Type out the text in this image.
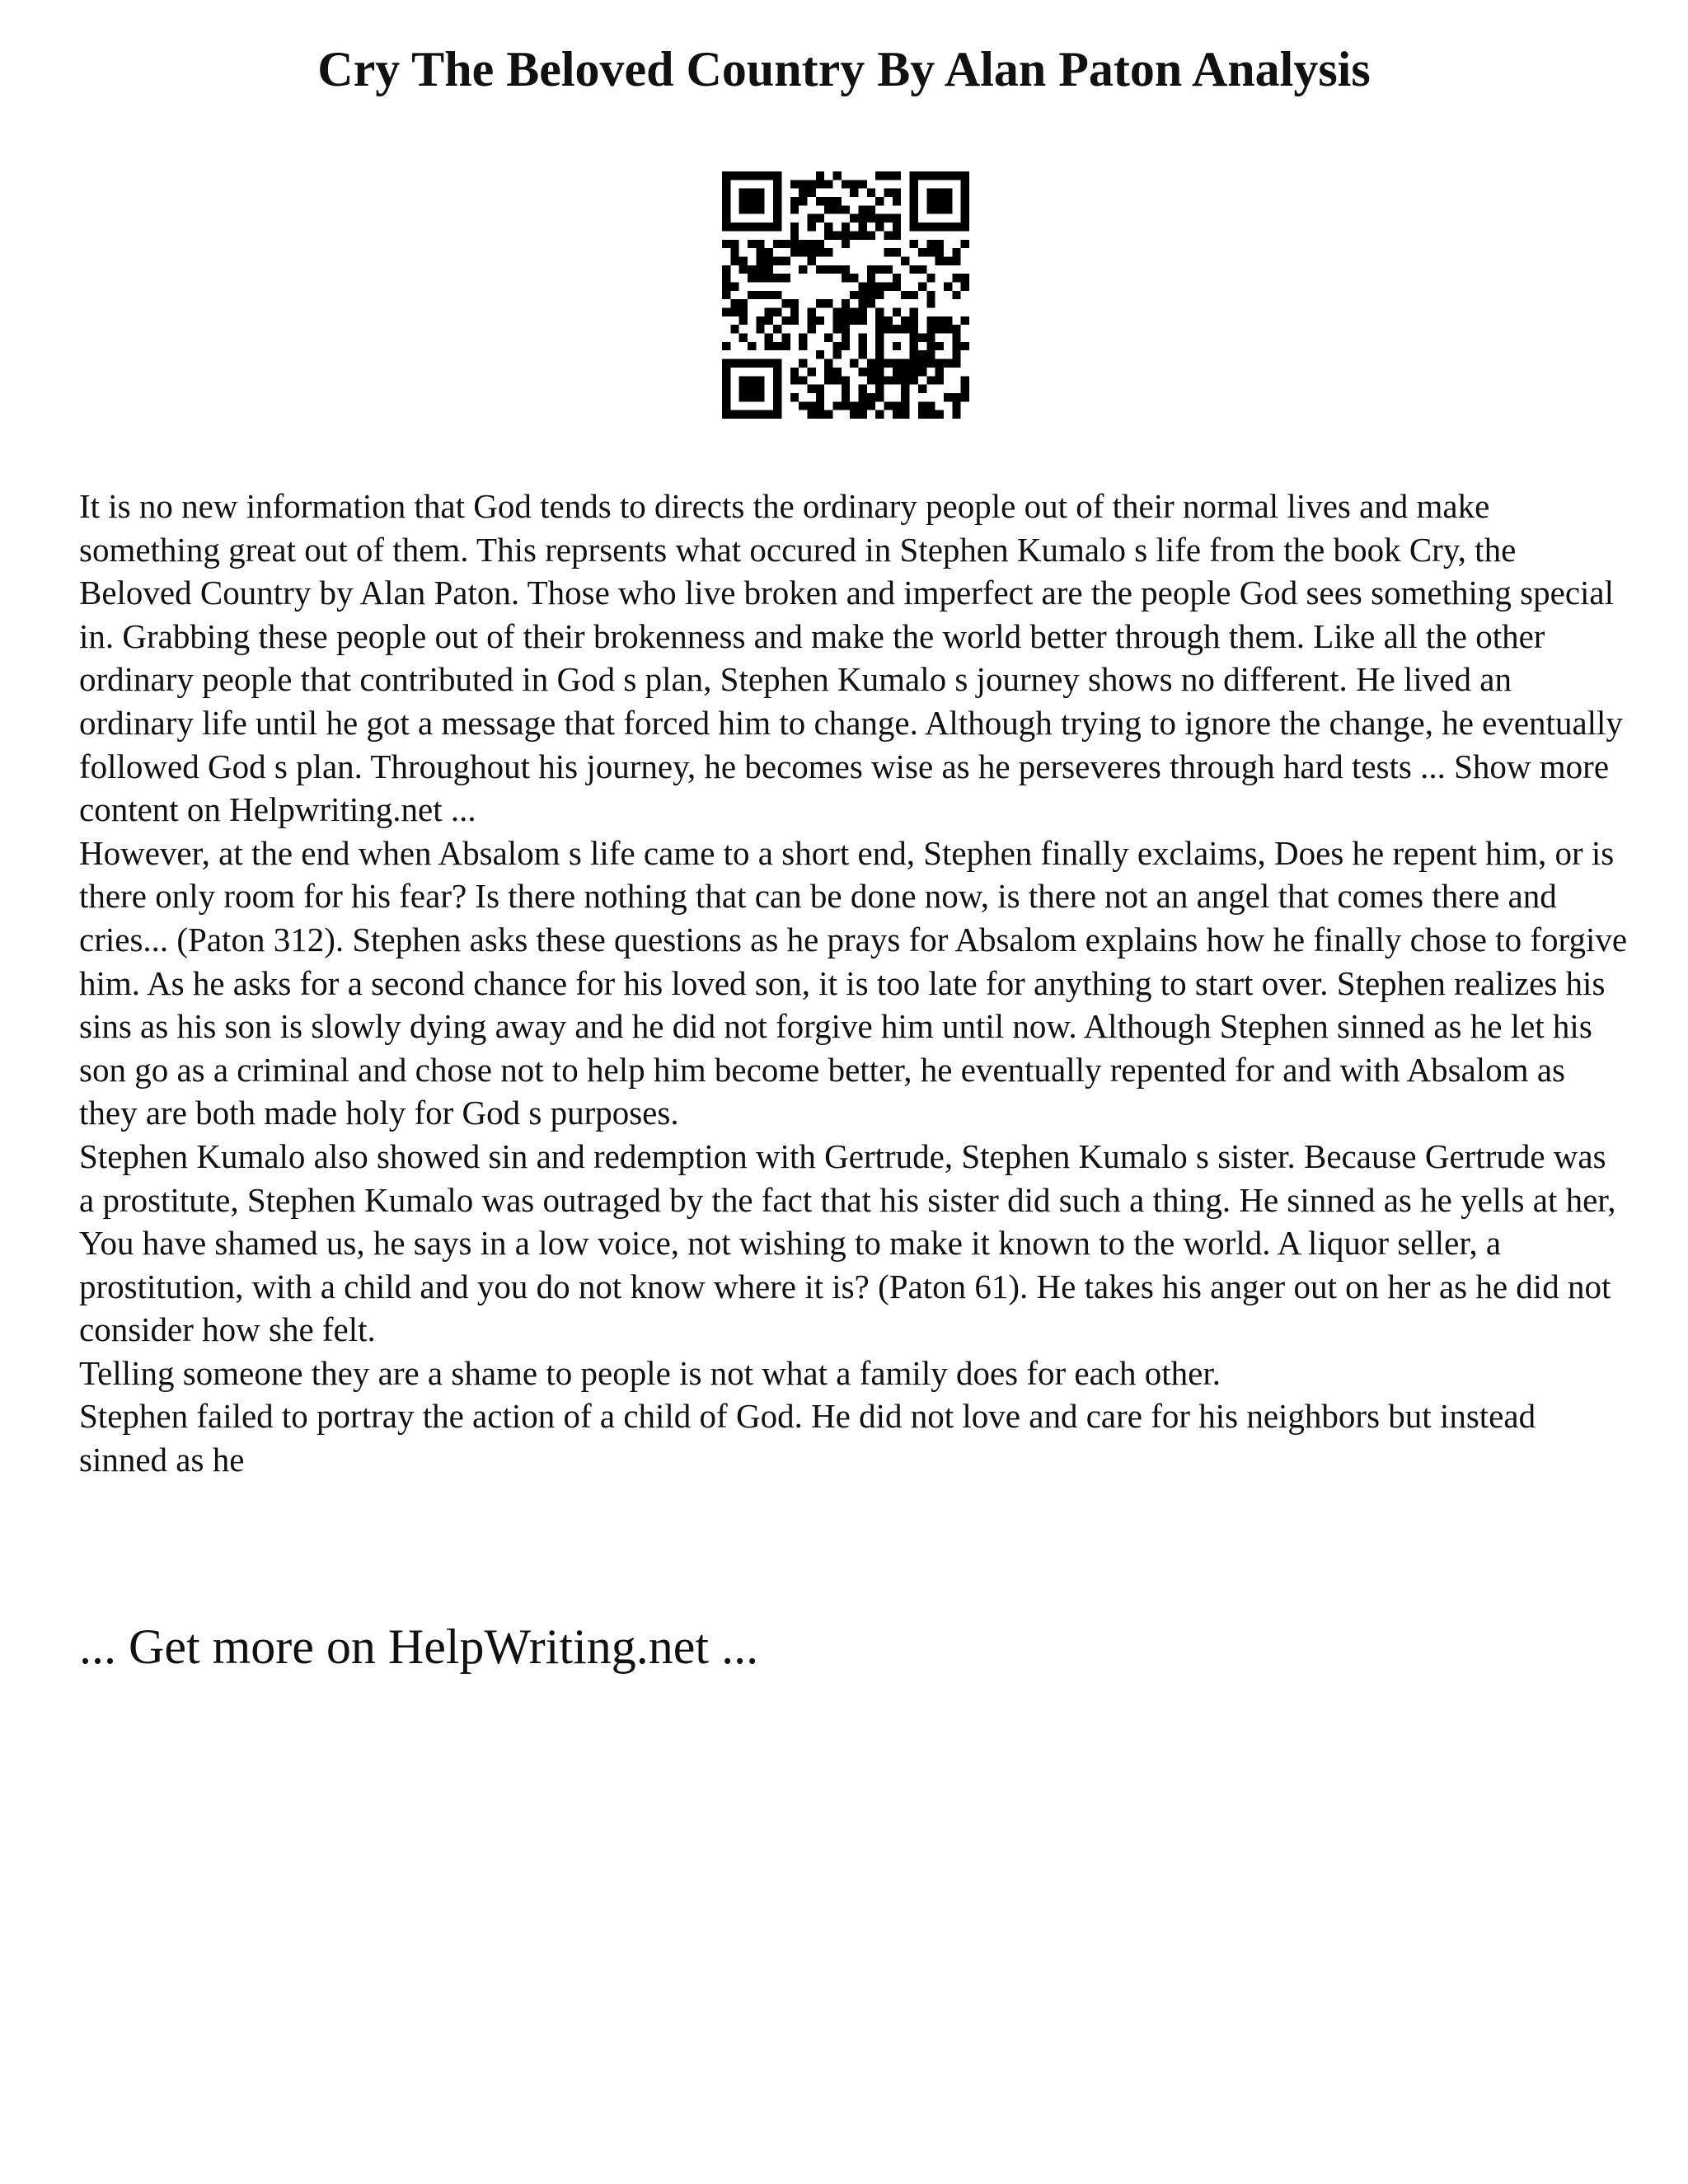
Cry The Beloved Country By Alan Paton Analysis

It is no new information that God tends to directs the ordinary people out of their normal lives and make something great out of them. This reprsents what occured in Stephen Kumalo s life from the book Cry, the Beloved Country by Alan Paton. Those who live broken and imperfect are the people God sees something special in. Grabbing these people out of their brokenness and make the world better through them. Like all the other ordinary people that contributed in God s plan, Stephen Kumalo s journey shows no different. He lived an ordinary life until he got a message that forced him to change. Although trying to ignore the change, he eventually followed God s plan. Throughout his journey, he becomes wise as he perseveres through hard tests ... Show more content on Helpwriting.net ...

However, at the end when Absalom s life came to a short end, Stephen finally exclaims, Does he repent him, or is there only room for his fear? Is there nothing that can be done now, is there not an angel that comes there and cries... (Paton 312). Stephen asks these questions as he prays for Absalom explains how he finally chose to forgive him. As he asks for a second chance for his loved son, it is too late for anything to start over. Stephen realizes his sins as his son is slowly dying away and he did not forgive him until now. Although Stephen sinned as he let his son go as a criminal and chose not to help him become better, he eventually repented for and with Absalom as they are both made holy for God s purposes.

Stephen Kumalo also showed sin and redemption with Gertrude, Stephen Kumalo s sister. Because Gertrude was a prostitute, Stephen Kumalo was outraged by the fact that his sister did such a thing. He sinned as he yells at her, You have shamed us, he says in a low voice, not wishing to make it known to the world. A liquor seller, a prostitution, with a child and you do not know where it is? (Paton 61). He takes his anger out on her as he did not consider how she felt.

Telling someone they are a shame to people is not what a family does for each other.

Stephen failed to portray the action of a child of God. He did not love and care for his neighbors but instead sinned as he

... Get more on HelpWriting.net ...
